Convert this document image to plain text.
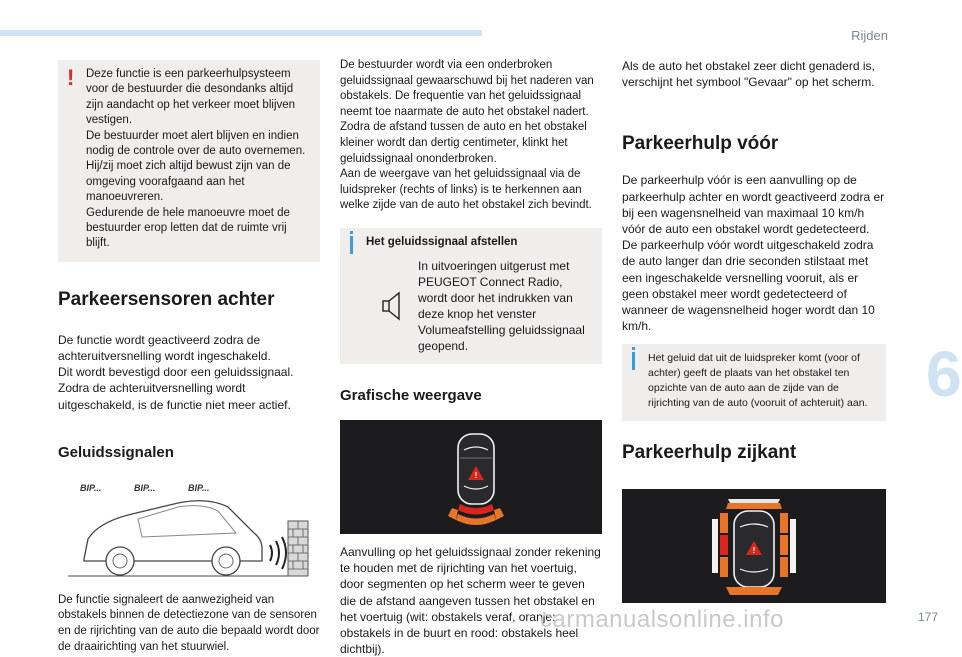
Rijden
6
! Deze functie is een parkeerhulpsysteem voor de bestuurder die desondanks altijd zijn aandacht op het verkeer moet blijven vestigen.
De bestuurder moet alert blijven en indien nodig de controle over de auto overnemen. Hij/zij moet zich altijd bewust zijn van de omgeving voorafgaand aan het manoeuvreren.
Gedurende de hele manoeuvre moet de bestuurder erop letten dat de ruimte vrij blijft.

Parkeersensoren achter

De functie wordt geactiveerd zodra de achteruitversnelling wordt ingeschakeld.
Dit wordt bevestigd door een geluidssignaal.
Zodra de achteruitversnelling wordt uitgeschakeld, is de functie niet meer actief.

Geluidssignalen
BIP...	BIP...	BIP...

De functie signaleert de aanwezigheid van obstakels binnen de detectiezone van de sensoren en de rijrichting van de auto die bepaald wordt door de draairichting van het stuurwiel.

De bestuurder wordt via een onderbroken geluidssignaal gewaarschuwd bij het naderen van obstakels. De frequentie van het geluidssignaal neemt toe naarmate de auto het obstakel nadert.
Zodra de afstand tussen de auto en het obstakel kleiner wordt dan dertig centimeter, klinkt het geluidssignaal ononderbroken.
Aan de weergave van het geluidssignaal via de luidspreker (rechts of links) is te herkennen aan welke zijde van de auto het obstakel zich bevindt.

Het geluidssignaal afstellen
In uitvoeringen uitgerust met PEUGEOT Connect Radio, wordt door het indrukken van deze knop het venster Volumeafstelling geluidssignaal geopend.
Grafische weergave
!

Aanvulling op het geluidssignaal zonder rekening te houden met de rijrichting van het voertuig, door segmenten op het scherm weer te geven die de afstand aangeven tussen het obstakel en het voertuig (wit: obstakels veraf, oranje: obstakels in de buurt en rood: obstakels heel dichtbij).

Als de auto het obstakel zeer dicht genaderd is, verschijnt het symbool "Gevaar" op het scherm.

Parkeerhulp vóór

De parkeerhulp vóór is een aanvulling op de parkeerhulp achter en wordt geactiveerd zodra er bij een wagensnelheid van maximaal 10 km/h vóór de auto een obstakel wordt gedetecteerd.
De parkeerhulp vóór wordt uitgeschakeld zodra de auto langer dan drie seconden stilstaat met een ingeschakelde versnelling vooruit, als er geen obstakel meer wordt gedetecteerd of wanneer de wagensnelheid hoger wordt dan 10 km/h.

Het geluid dat uit de luidspreker komt (voor of achter) geeft de plaats van het obstakel ten opzichte van de auto aan de zijde van de rijrichting van de auto (vooruit of achteruit) aan.
Parkeerhulp zijkant
!
carmanualsonline.info	177
